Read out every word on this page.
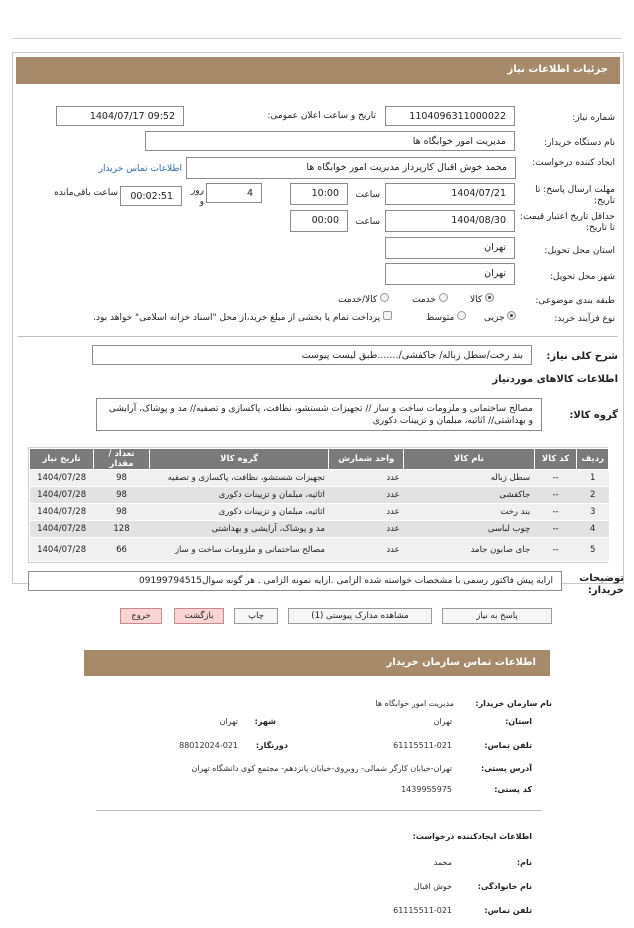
جزئیات اطلاعات نیاز
شماره نیاز:
1104096311000022
تاریخ و ساعت اعلان عمومی:
1404/07/17 09:52
نام دستگاه خریدار:
مدیریت امور خوابگاه ها
ایجاد کننده درخواست:
محمد خوش اقبال کارپرداز مدیریت امور خوابگاه ها
اطلاعات تماس خریدار
مهلت ارسال پاسخ: تا تاریخ:
1404/07/21
ساعت
10:00
4
روز و
00:02:51
ساعت باقی‌مانده
حداقل تاریخ اعتبار قیمت: تا تاریخ:
1404/08/30
ساعت
00:00
استان محل تحویل:
تهران
شهر محل تحویل:
تهران
طبقه بندی موضوعی:
کالا
خدمت
کالا/خدمت
نوع فرآیند خرید:
جزیی
متوسط
پرداخت تمام یا بخشی از مبلغ خرید،از محل "اسناد خزانه اسلامی" خواهد بود.
شرح کلی نیاز:
بند رخت/سطل زباله/ جاکفشی/.......طبق لیست پیوست
اطلاعات کالاهای موردنیاز
گروه کالا:
مصالح ساختمانی و ملزومات ساخت و ساز // تجهیزات شستشو، نظافت، پاکسازی و تصفیه// مد و پوشاک، آرایشی و بهداشتی// اثاثیه، مبلمان و تزیینات دکوری
ردیف	کد کالا	نام کالا	واحد شمارش	گروه کالا	تعداد / مقدار	تاریخ نیاز
1	--	سطل زباله	عدد	تجهیزات شستشو، نظافت، پاکسازی و تصفیه	98	1404/07/28
2	--	جاکفشی	عدد	اثاثیه، مبلمان و تزیینات دکوری	98	1404/07/28
3	--	بند رخت	عدد	اثاثیه، مبلمان و تزیینات دکوری	98	1404/07/28
4	--	چوب لباسی	عدد	مد و پوشاک، آرایشی و بهداشتی	128	1404/07/28
5	--	جای صابون جامد	عدد	مصالح ساختمانی و ملزومات ساخت و ساز	66	1404/07/28
توضیحات خریدار:
ارایه پیش فاکتور رسمی با مشخصات خواسته شده الزامی .ارایه نمونه الزامی . هر گونه سوال09199794515
پاسخ به نیاز
مشاهده مدارک پیوستی (1)
چاپ
بازگشت
خروج
اطلاعات تماس سازمان خریدار
نام سازمان خریدار:
مدیریت امور خوابگاه ها
استان:
تهران
شهر:
تهران
تلفن تماس:
61115511-021
دورنگار:
88012024-021
آدرس پستی:
تهران-خیابان کارگر شمالی- روبروی-خیابان پانزدهم- مجتمع کوی دانشگاه تهران
کد پستی:
1439955975
اطلاعات ایجادکننده درخواست:
نام:
محمد
نام خانوادگی:
خوش اقبال
تلفن تماس:
61115511-021
